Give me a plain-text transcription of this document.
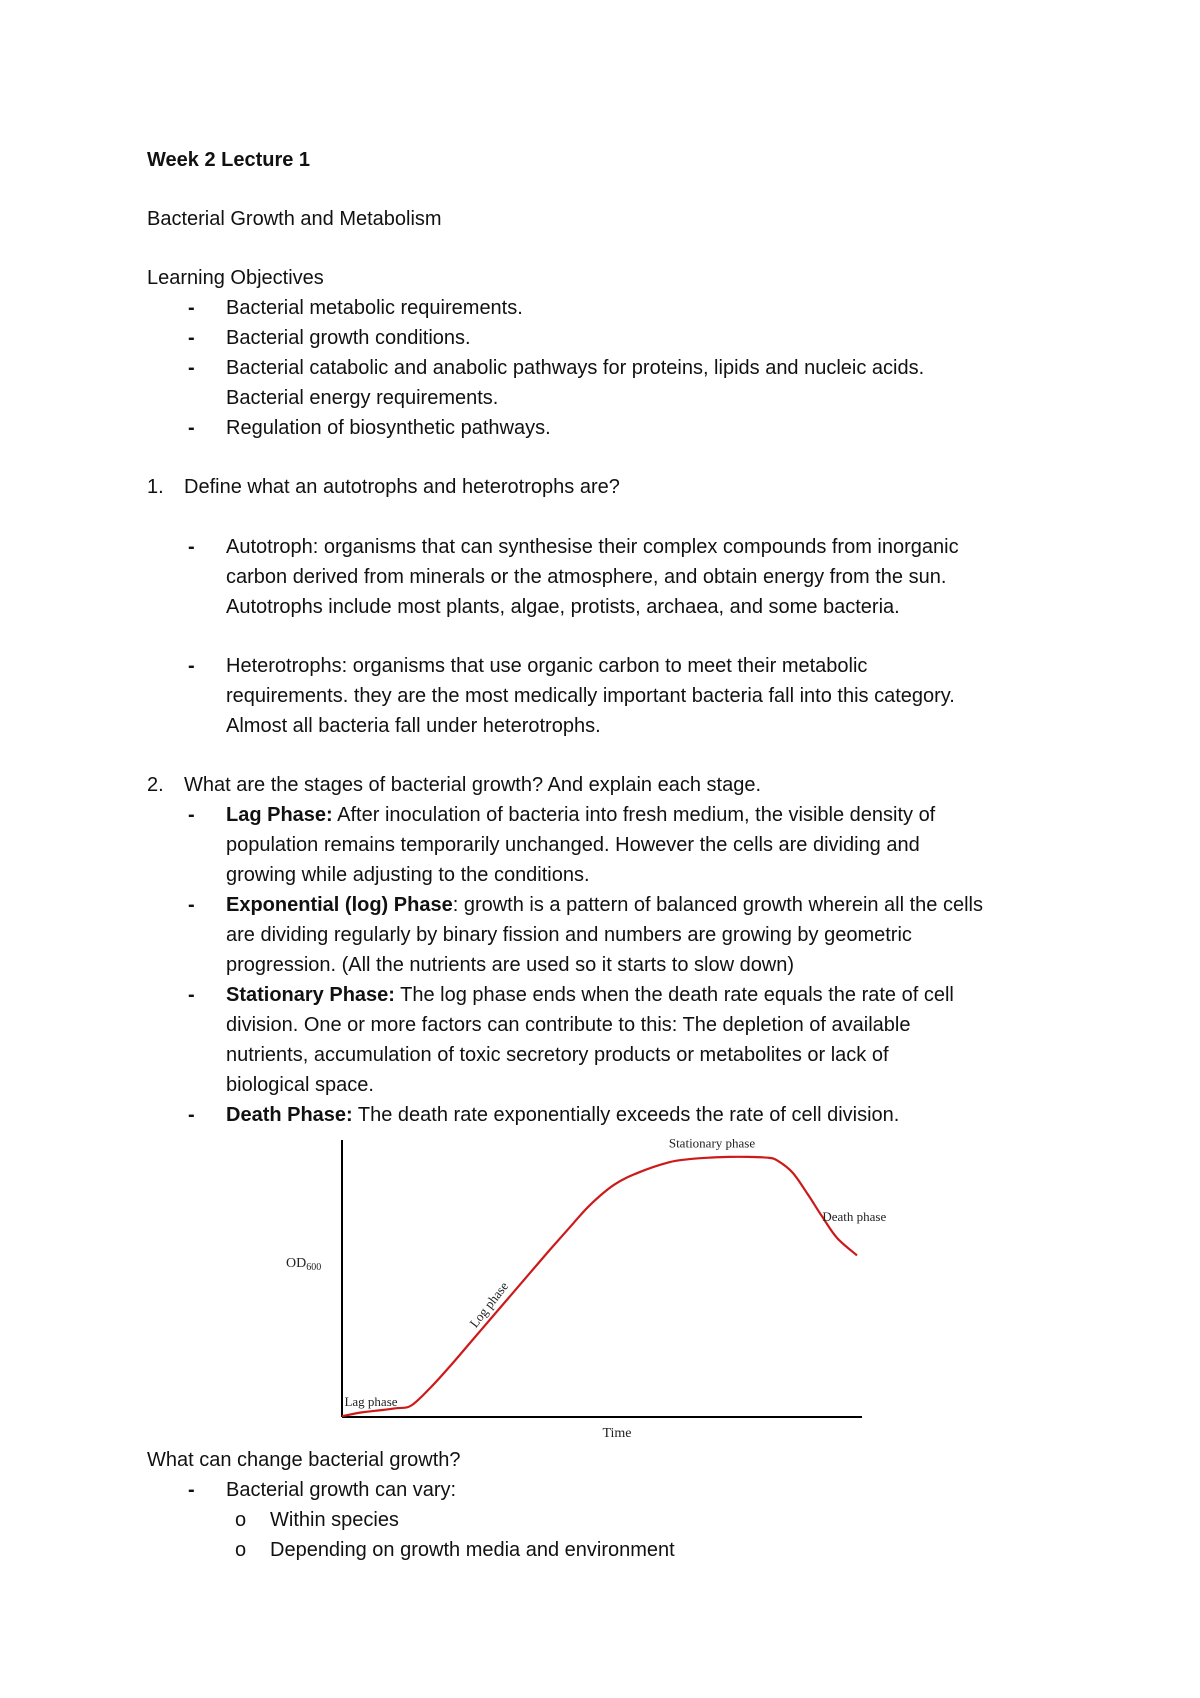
Week 2 Lecture 1
Bacterial Growth and Metabolism
Learning Objectives
- Bacterial metabolic requirements.
- Bacterial growth conditions.
- Bacterial catabolic and anabolic pathways for proteins, lipids and nucleic acids.
Bacterial energy requirements.
- Regulation of biosynthetic pathways.
1. Define what an autotrophs and heterotrophs are?
- Autotroph: organisms that can synthesise their complex compounds from inorganic
carbon derived from minerals or the atmosphere, and obtain energy from the sun.
Autotrophs include most plants, algae, protists, archaea, and some bacteria.
- Heterotrophs: organisms that use organic carbon to meet their metabolic
requirements. they are the most medically important bacteria fall into this category.
Almost all bacteria fall under heterotrophs.
2. What are the stages of bacterial growth? And explain each stage.
- Lag Phase: After inoculation of bacteria into fresh medium, the visible density of
population remains temporarily unchanged. However the cells are dividing and
growing while adjusting to the conditions.
- Exponential (log) Phase: growth is a pattern of balanced growth wherein all the cells
are dividing regularly by binary fission and numbers are growing by geometric
progression. (All the nutrients are used so it starts to slow down)
- Stationary Phase: The log phase ends when the death rate equals the rate of cell
division. One or more factors can contribute to this: The depletion of available
nutrients, accumulation of toxic secretory products or metabolites or lack of
biological space.
- Death Phase: The death rate exponentially exceeds the rate of cell division.
Time
$OD_{600}$
Lag phase
Log phase
Stationary phase
Death phase
What can change bacterial growth?
- Bacterial growth can vary:
o Within species
o Depending on growth media and environment
